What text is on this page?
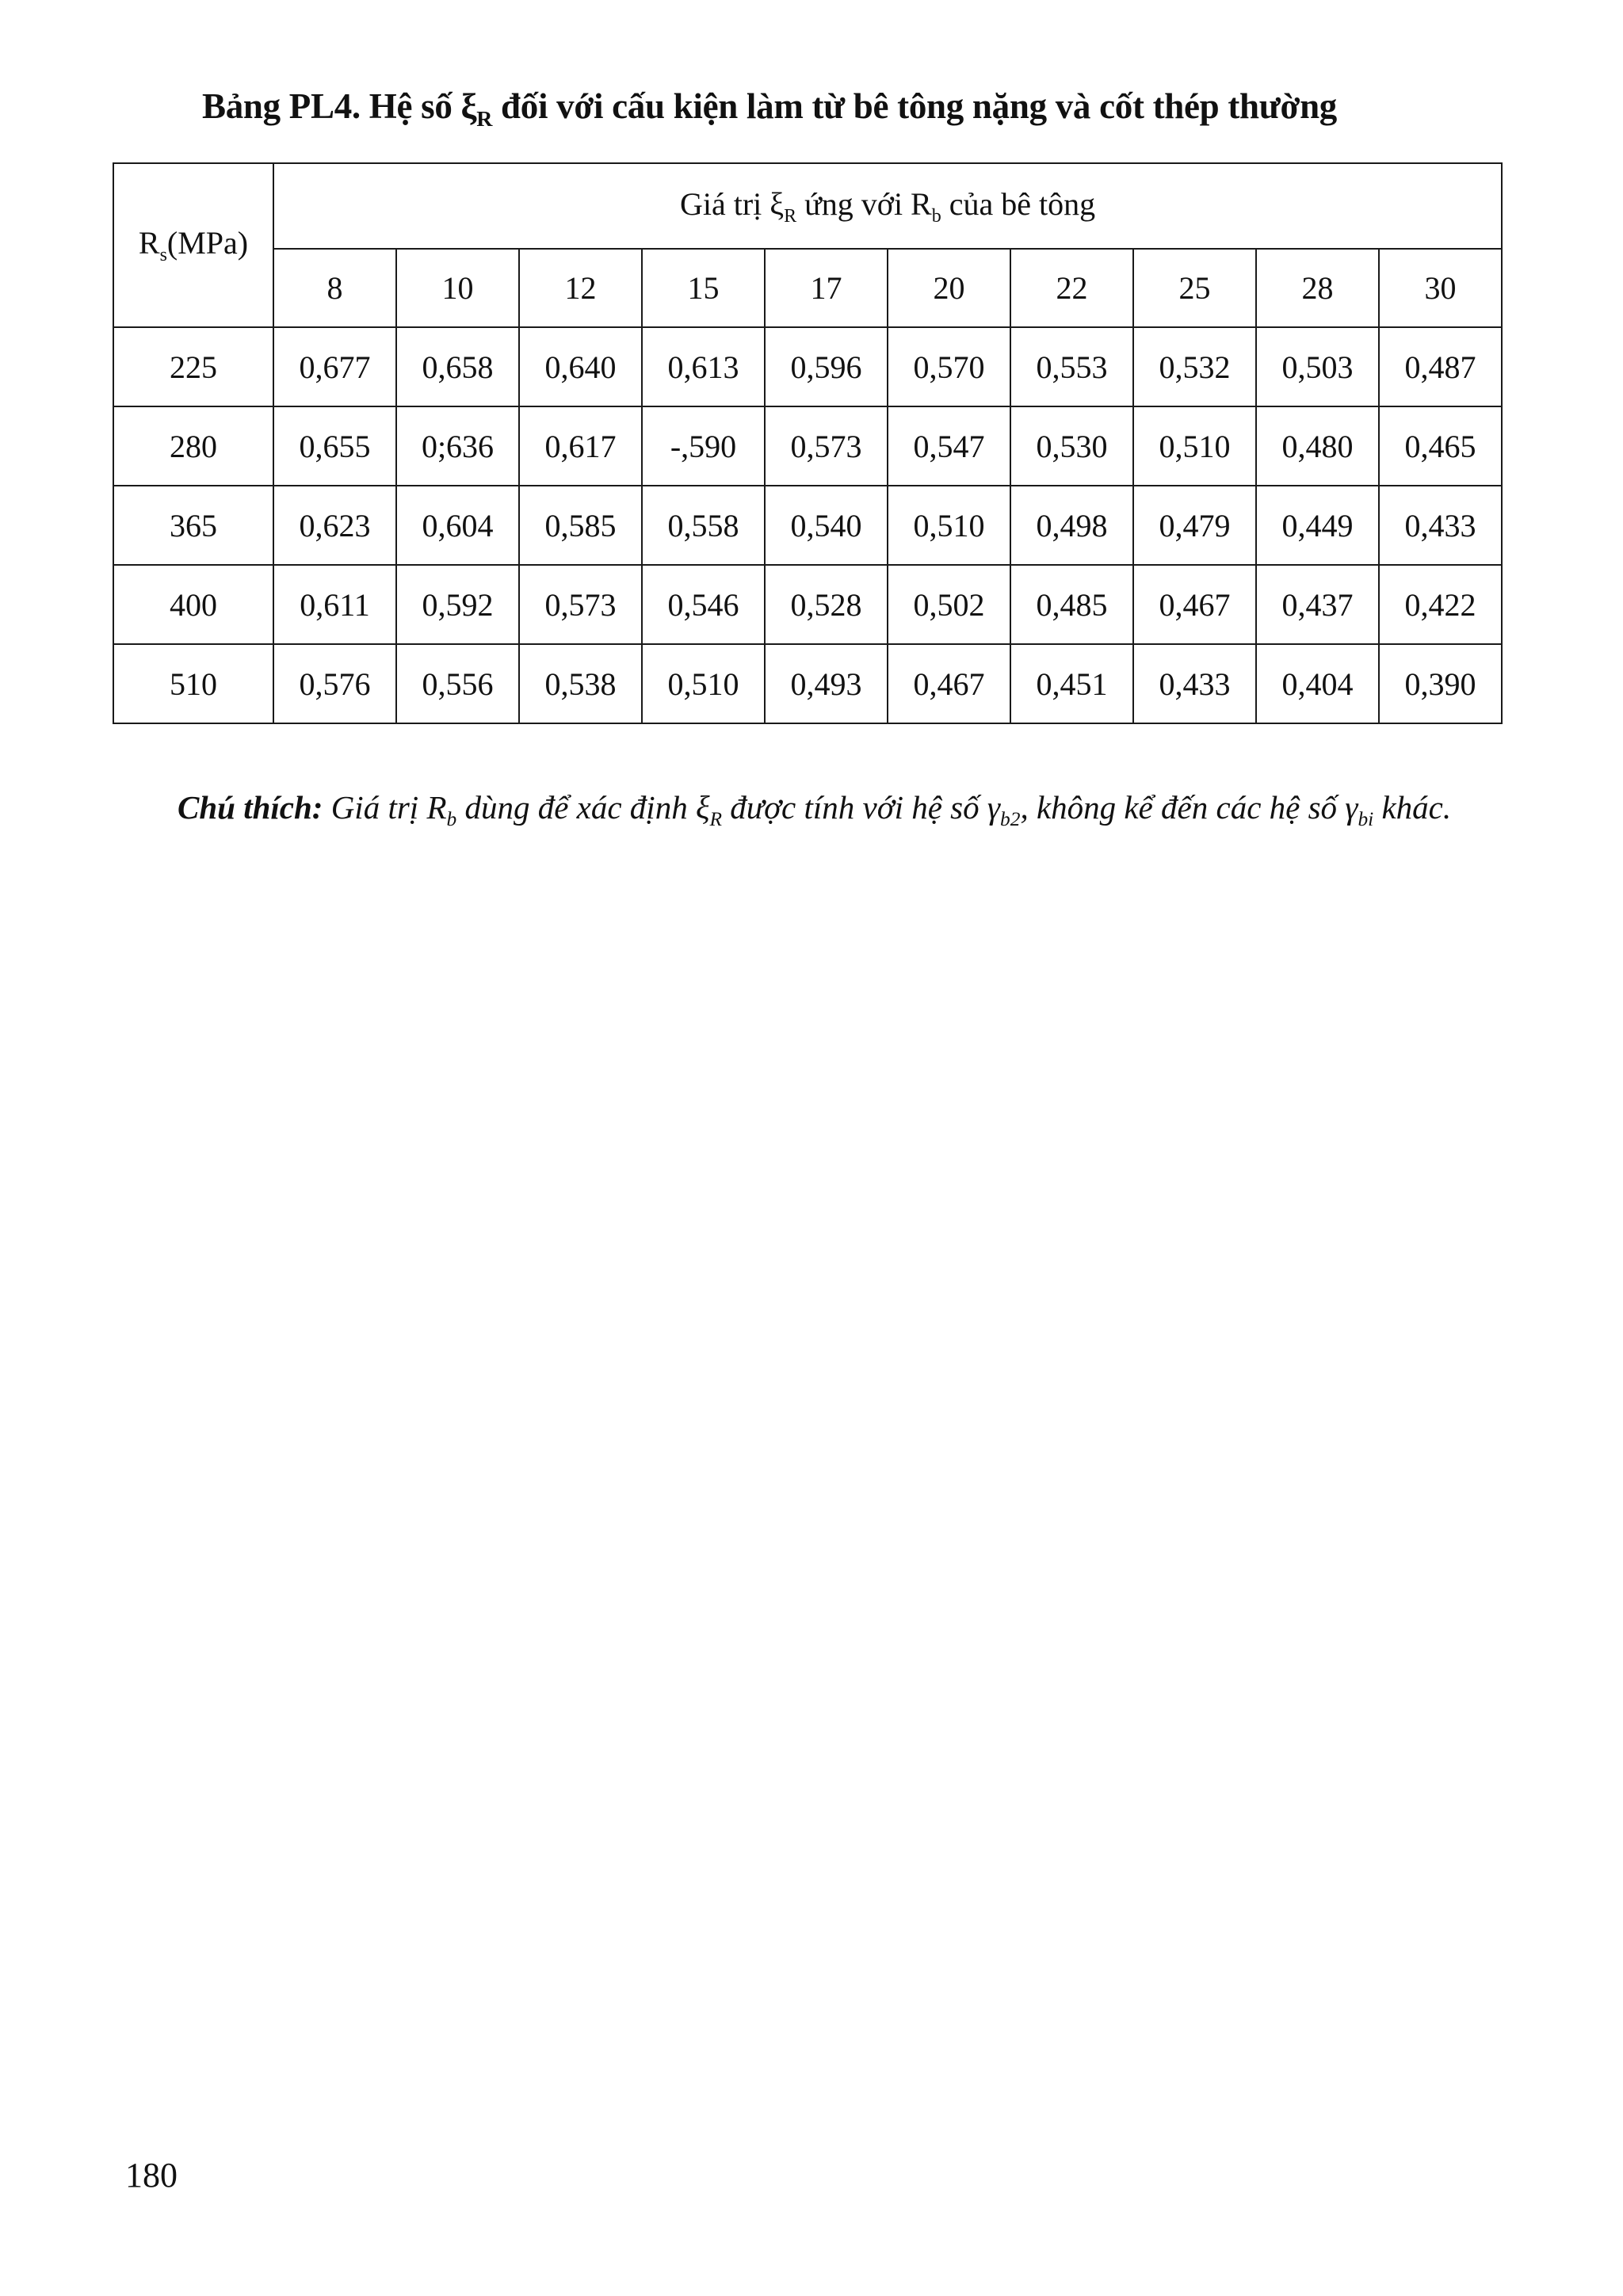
Bảng PL4. Hệ số $\xi_R$ đối với cấu kiện làm từ bê tông nặng và cốt thép thường
$R_s(MPa)$	Giá trị $\xi_R$ ứng với $R_b$ của bê tông									
	8	10	12	15	17	20	22	25	28	30
225	0,677	0,658	0,640	0,613	0,596	0,570	0,553	0,532	0,503	0,487
280	0,655	0;636	0,617	-,590	0,573	0,547	0,530	0,510	0,480	0,465
365	0,623	0,604	0,585	0,558	0,540	0,510	0,498	0,479	0,449	0,433
400	0,611	0,592	0,573	0,546	0,528	0,502	0,485	0,467	0,437	0,422
510	0,576	0,556	0,538	0,510	0,493	0,467	0,451	0,433	0,404	0,390
Chú thích: Giá trị $R_b$ dùng để xác định $\xi_R$ được tính với hệ số $\gamma_{b2}$, không kể đến các hệ số $\gamma_{bi}$ khác.
180
